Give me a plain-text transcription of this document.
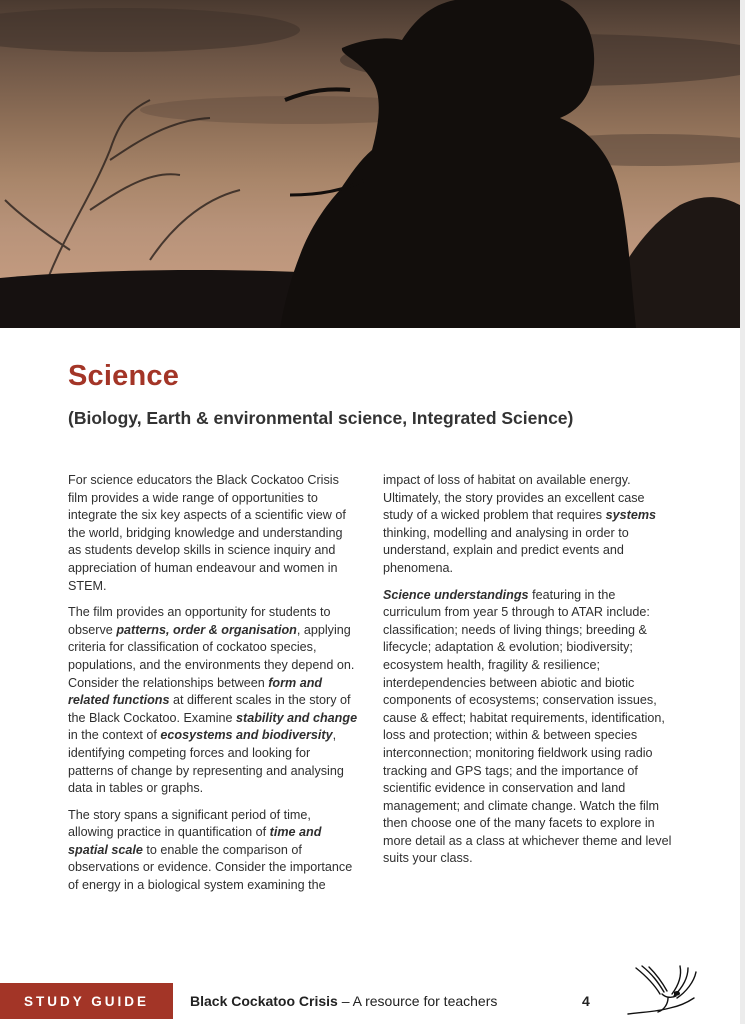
Science
(Biology, Earth & environmental science, Integrated Science)

For science educators the Black Cockatoo Crisis film provides a wide range of opportunities to integrate the six key aspects of a scientific view of the world, bridging knowledge and understanding as students develop skills in science inquiry and appreciation of human endeavour and women in STEM.

The film provides an opportunity for students to observe patterns, order & organisation, applying criteria for classification of cockatoo species, populations, and the environments they depend on. Consider the relationships between form and related functions at different scales in the story of the Black Cockatoo. Examine stability and change in the context of ecosystems and biodiversity, identifying competing forces and looking for patterns of change by representing and analysing data in tables or graphs.

The story spans a significant period of time, allowing practice in quantification of time and spatial scale to enable the comparison of observations or evidence. Consider the importance of energy in a biological system examining the

impact of loss of habitat on available energy. Ultimately, the story provides an excellent case study of a wicked problem that requires systems thinking, modelling and analysing in order to understand, explain and predict events and phenomena.

Science understandings featuring in the curriculum from year 5 through to ATAR include: classification; needs of living things; breeding & lifecycle; adaptation & evolution; biodiversity; ecosystem health, fragility & resilience; interdependencies between abiotic and biotic components of ecosystems; conservation issues, cause & effect; habitat requirements, identification, loss and protection; within & between species interconnection; monitoring fieldwork using radio tracking and GPS tags; and the importance of scientific evidence in conservation and land management; and climate change. Watch the film then choose one of the many facets to explore in more detail as a class at whichever theme and level suits your class.

STUDY GUIDE	Black Cockatoo Crisis – A resource for teachers	4
